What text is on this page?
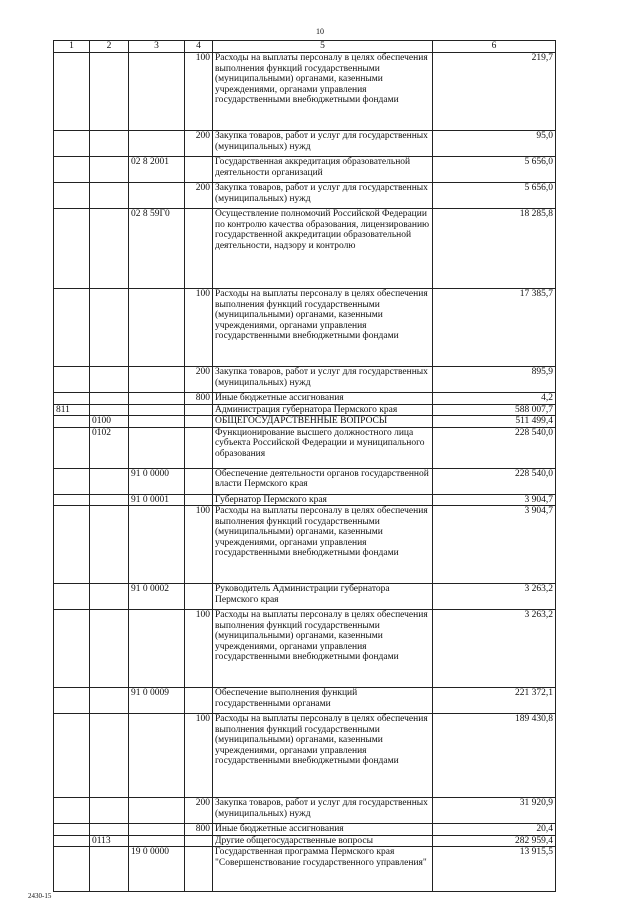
10
1	2	3	4	5	6
			100	Расходы на выплаты персоналу в целях обеспечения выполнения функций государственными (муниципальными) органами, казенными учреждениями, органами управления государственными внебюджетными фондами	219,7
			200	Закупка товаров, работ и услуг для государственных (муниципальных) нужд	95,0
		02 8 2001		Государственная аккредитация образовательной деятельности организаций	5 656,0
			200	Закупка товаров, работ и услуг для государственных (муниципальных) нужд	5 656,0
		02 8 59Г0		Осуществление полномочий Российской Федерации по контролю качества образования, лицензированию государственной аккредитации образовательной деятельности, надзору и контролю	18 285,8
			100	Расходы на выплаты персоналу в целях обеспечения выполнения функций государственными (муниципальными) органами, казенными учреждениями, органами управления государственными внебюджетными фондами	17 385,7
			200	Закупка товаров, работ и услуг для государственных (муниципальных) нужд	895,9
			800	Иные бюджетные ассигнования	4,2
811				Администрация губернатора Пермского края	588 007,7
	0100			ОБЩЕГОСУДАРСТВЕННЫЕ ВОПРОСЫ	511 499,4
	0102			Функционирование высшего должностного лица субъекта Российской Федерации и муниципального образования	228 540,0
		91 0 0000		Обеспечение деятельности органов государственной власти Пермского края	228 540,0
		91 0 0001		Губернатор Пермского края	3 904,7
			100	Расходы на выплаты персоналу в целях обеспечения выполнения функций государственными (муниципальными) органами, казенными учреждениями, органами управления государственными внебюджетными фондами	3 904,7
		91 0 0002		Руководитель Администрации губернатора Пермского края	3 263,2
			100	Расходы на выплаты персоналу в целях обеспечения выполнения функций государственными (муниципальными) органами, казенными учреждениями, органами управления государственными внебюджетными фондами	3 263,2
		91 0 0009		Обеспечение выполнения функций государственными органами	221 372,1
			100	Расходы на выплаты персоналу в целях обеспечения выполнения функций государственными (муниципальными) органами, казенными учреждениями, органами управления государственными внебюджетными фондами	189 430,8
			200	Закупка товаров, работ и услуг для государственных (муниципальных) нужд	31 920,9
			800	Иные бюджетные ассигнования	20,4
	0113			Другие общегосударственные вопросы	282 959,4
		19 0 0000		Государственная программа Пермского края "Совершенствование государственного управления"	13 915,5
2430-15
